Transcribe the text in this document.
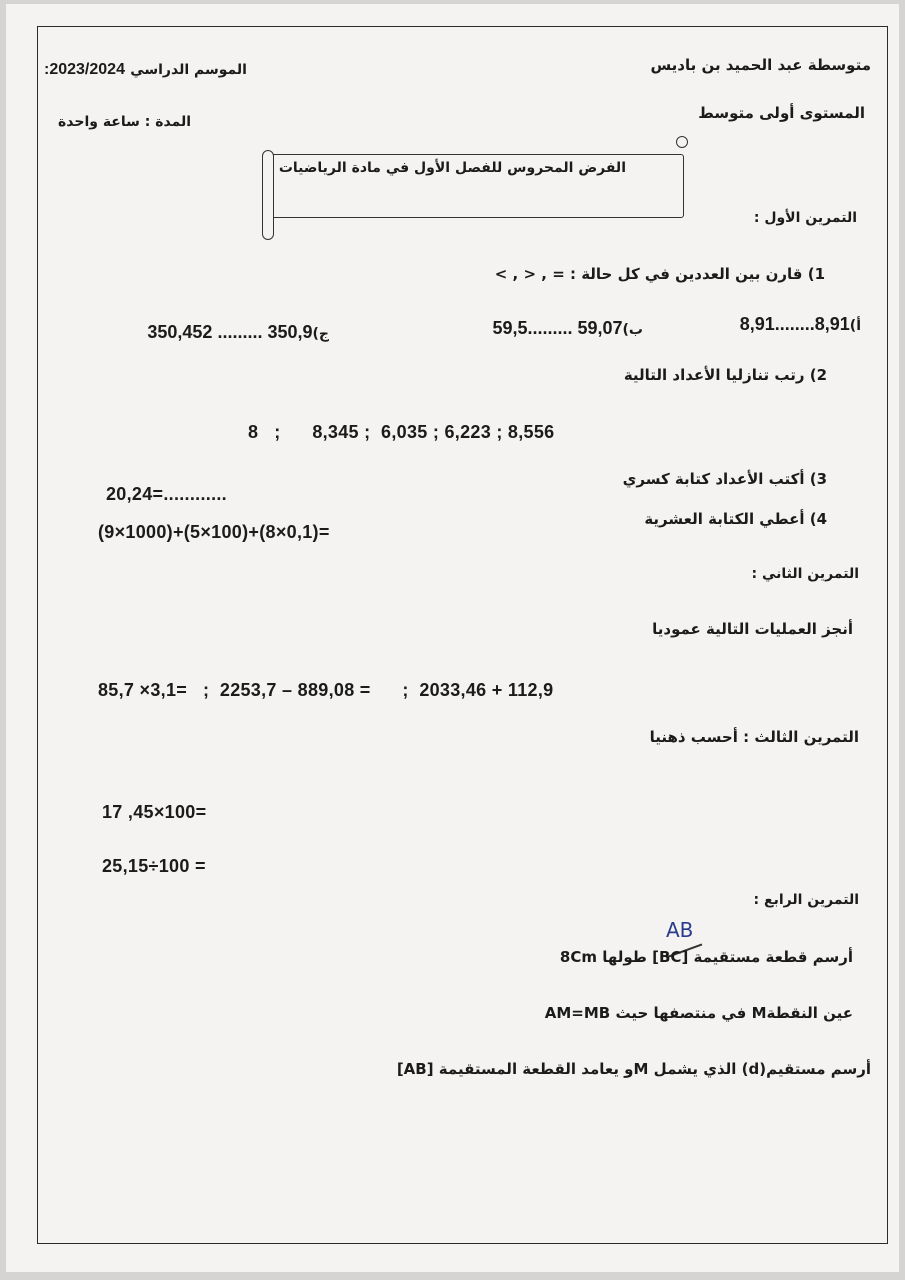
متوسطة عبد الحميد بن باديس
:2023/2024 الموسم الدراسي
المستوى أولى متوسط
المدة : ساعة واحدة
الفرض المحروس للفصل الأول في مادة الرياضيات
التمرين الأول :
1) قارن بين العددين في كل حالة : = , < , >
أ)8,91........8,91
ب)59,5......... 59,07
ج)350,452 ......... 350,9
2) رتب تنازليا الأعداد التالية
8   ;      8,345 ;  6,035 ; 6,223 ; 8,556
3) أكتب الأعداد كتابة كسري
20,24=............
4) أعطي الكتابة العشرية
(9×1000)+(5×100)+(8×0,1)=
التمرين الثاني :
أنجز العمليات التالية عموديا
85,7 ×3,1=   ;  2253,7 – 889,08 =      ;  2033,46 + 112,9
التمرين الثالث : أحسب ذهنيا
17 ,45×100=
25,15÷100 =
التمرين الرابع :
AB
أرسم قطعة مستقيمة [BC] طولها 8Cm
عين النقطةM في منتصفها حيث AM=MB
أرسم مستقيم(d) الذي يشمل Mو يعامد القطعة المستقيمة [AB]
